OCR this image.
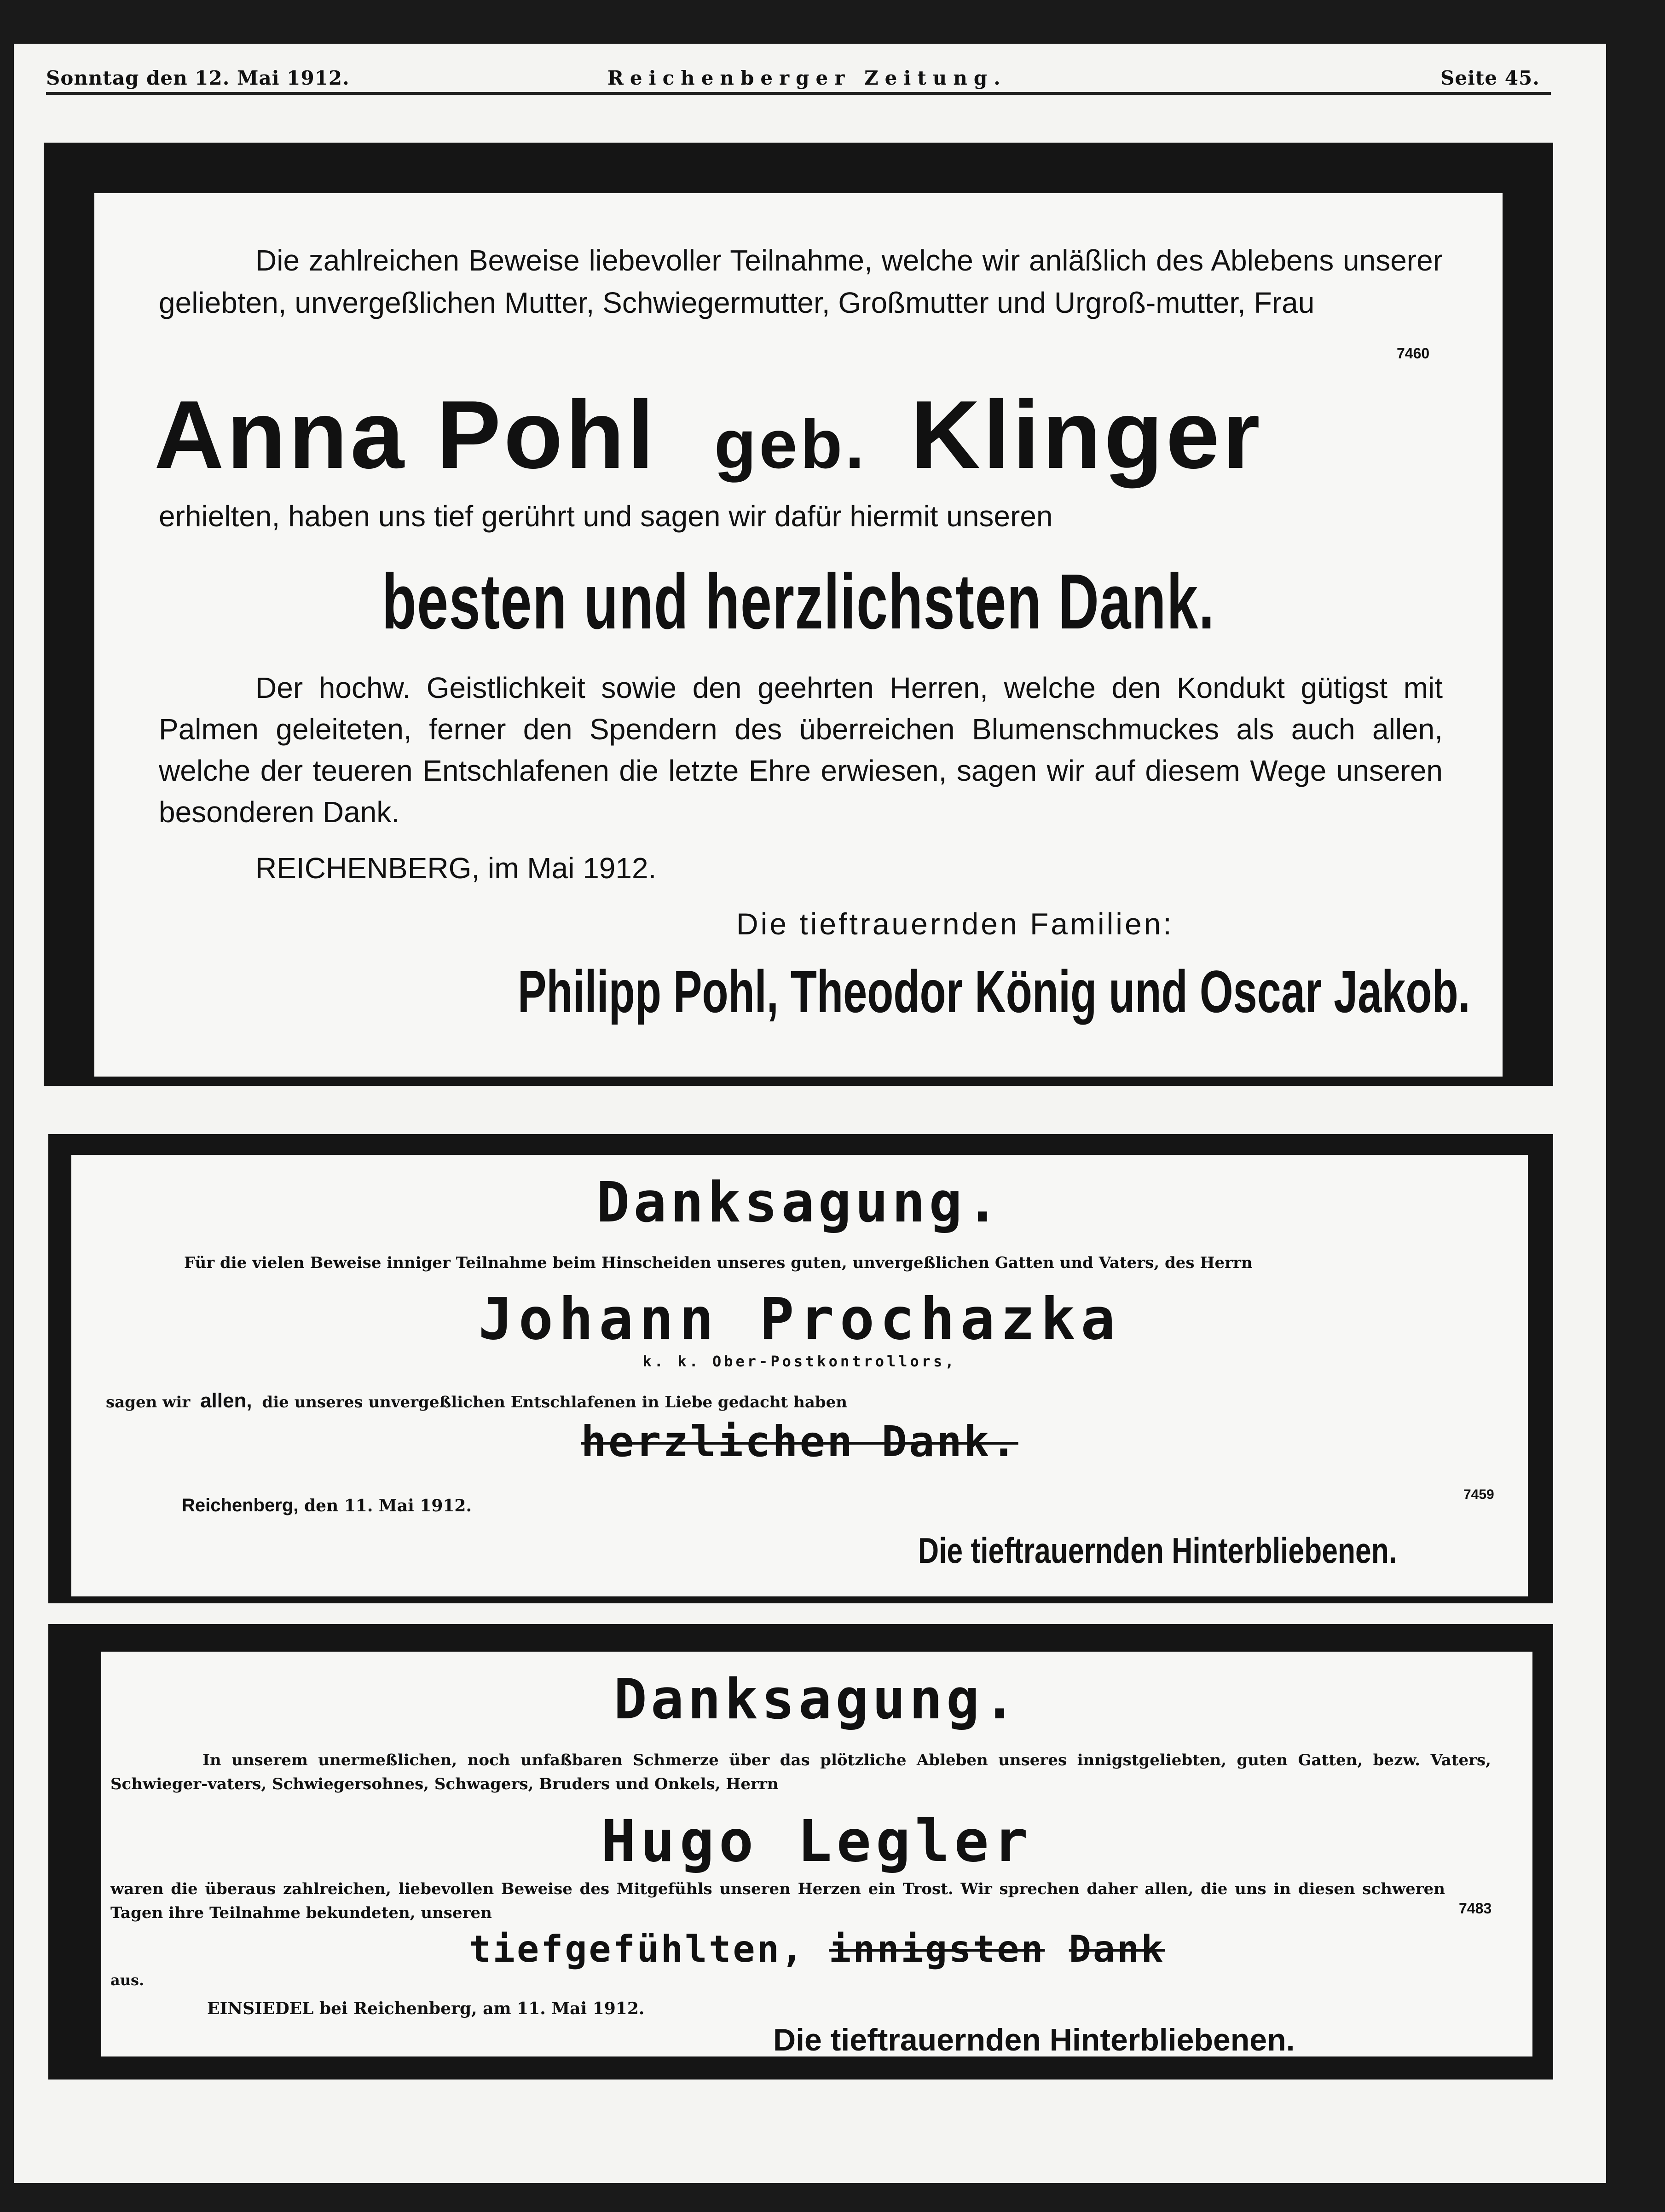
Sonntag den 12. Mai 1912.	Reichenberger Zeitung.	Seite 45.
Die zahlreichen Beweise liebevoller Teilnahme, welche wir anläßlich des Ablebens unserer geliebten, unvergeßlichen Mutter, Schwiegermutter, Großmutter und Urgroß-mutter, Frau
7460
Anna Pohl geb. Klinger
erhielten, haben uns tief gerührt und sagen wir dafür hiermit unseren
besten und herzlichsten Dank.
Der hochw. Geistlichkeit sowie den geehrten Herren, welche den Kondukt gütigst mit Palmen geleiteten, ferner den Spendern des überreichen Blumenschmuckes als auch allen, welche der teueren Entschlafenen die letzte Ehre erwiesen, sagen wir auf diesem Wege unseren besonderen Dank.
REICHENBERG, im Mai 1912.
Die tieftrauernden Familien:
Philipp Pohl, Theodor König und Oscar Jakob.
Danksagung.
Für die vielen Beweise inniger Teilnahme beim Hinscheiden unseres guten, unvergeßlichen Gatten und Vaters, des Herrn
Johann Prochazka
k. k. Ober-Postkontrollors,
sagen wir allen, die unseres unvergeßlichen Entschlafenen in Liebe gedacht haben
herzlichen Dank.
Reichenberg, den 11. Mai 1912.
7459
Die tieftrauernden Hinterbliebenen.
Danksagung.
In unserem unermeßlichen, noch unfaßbaren Schmerze über das plötzliche Ableben unseres innigstgeliebten, guten Gatten, bezw. Vaters, Schwieger-vaters, Schwiegersohnes, Schwagers, Bruders und Onkels, Herrn
Hugo Legler
waren die überaus zahlreichen, liebevollen Beweise des Mitgefühls unseren Herzen ein Trost. Wir sprechen daher allen, die uns in diesen schweren Tagen ihre Teilnahme bekundeten, unseren	7483
tiefgefühlten, innigsten Dank
aus.
EINSIEDEL bei Reichenberg, am 11. Mai 1912.
Die tieftrauernden Hinterbliebenen.
